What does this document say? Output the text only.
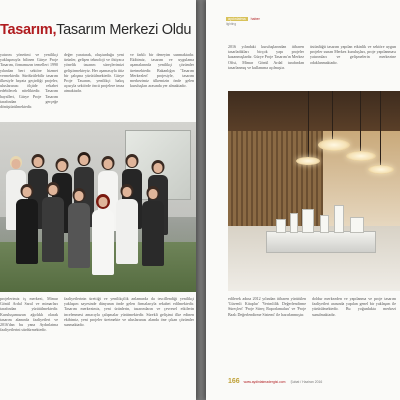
Tasarım,Tasarım Merkezi Oldu

yatırım yönetimi ve yenilikçi yaklaşımıyla bilinen Gürye Proje Tasarım, firmamızın temelleri 1990 yılından beri sektöre hizmet vermektedir. Sürdürülebilir tasarım ilkesiyle hayata geçirdiği projeler, uluslararası ölçüde rekabet edebilecek niteliktedir. Tasarım hayalleri, Gürye Proje Tasarım tarafından gerçeğe dönüştürülmektedir.

değer yaratarak, oluşturduğu yeni ürünler, gelişen teknoloji ve ihtiyaca yönelik tasarım süreçlerimizi geliştirmekteyiz. Her aşamasıyla titiz bir çalışma yürütülmektedir. Gürye Proje Tasarım, yenilikçi bakış açısıyla sektörde öncü projelere imza atmaktadır.

ve farklı bir deneyim sunmaktadır. Ekibimiz, tasarım ve uygulama aşamalarında yenilikçi çözümler üretmektedir. Bakanlığın 'Tasarım Merkezleri' projesiyle, tasarım merkezimiz ülkemizin önde gelen kuruluşları arasında yer almaktadır.

projelerimiz iş merkezi, Mimar Gönül Ardal Saral ve mimarları tarafından yürütülmektedir. Kuruluşumuzun ağırlıklı olarak tasarım alanında faaliyetleri ve 2016'dan bu yana Aydınlatma faaliyetlerini sürdürmektedir.

faaliyetlerinin ürettiği ve yenilikçilik anlamında da tescillendiği yenilikçi yaklaşım sayesinde dünyanın önde gelen firmalarıyla rekabet edilmektedir. Tasarım merkezimiz, yeni ürünlerin, tasarımların ve çevresel etkilerin incelenmesi amacıyla çalışmalar yürütmektedir. Sürekli gelişimi ilke edinen ekibimiz, yeni projeler üretmekte ve uluslararası alanda öne çıkan çözümler sunmaktadır.

aydınlatma haber
lighting

2016 yılındaki kuruluşlarından itibaren tasarladıkları birçok yapı projeler kazanmışlardır. Gürye Proje Tasarım'ın Merkez Ofisi, Mimar Gönül Ardal tarafından tasarlanmış ve kullanıma açılmıştır.

üstünlüğü tasarım yapılan etkinlik ve sektöre uygun projeler sunan Merkez kuruluşları, proje yapılanması yatırımları ve gelişmelerin merkezine odaklanmaktadır.

edilerek adına 2012 yılından itibaren yürütülen 'Güvenli Kitaplar' 'Verimlilik Değerlendirme Süreçleri' 'Proje Süreç Raporlamaları' ve 'Proje Bazlı Değerlendirme Sistemi' ile hazırlanmıştır.

doldur merkezden ve yapılanma ve proje tasarım faaliyetleri arasında yapılan genel bir yaklaşım ile yürütülmektedir. Bu yoğunlukta merkezi sunulmaktadır.

166 www.aydinlatmadergisi.com Şubat / Haziran 2016
